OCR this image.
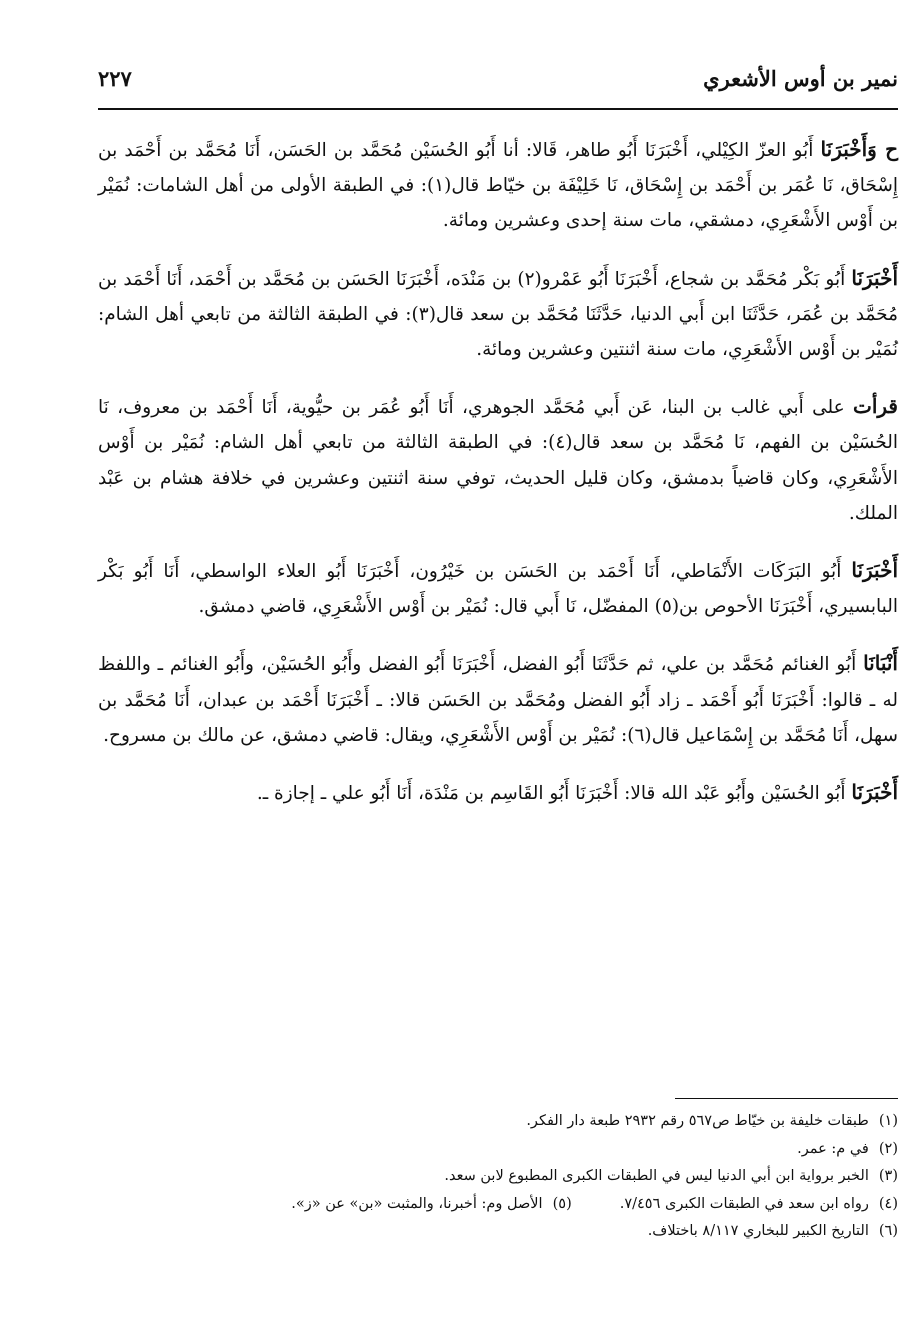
نمير بن أوس الأشعري
٢٢٧

ح وَأَخْبَرَنَا أَبُو العزّ الكِيْلي، أَخْبَرَنَا أَبُو طاهر، قَالا: أنا أَبُو الحُسَيْن مُحَمَّد بن الحَسَن، أَنَا مُحَمَّد بن أَحْمَد بن إِسْحَاق، نَا عُمَر بن أَحْمَد بن إِسْحَاق، نَا خَلِيْفَة بن خيّاط قال(١): في الطبقة الأولى من أهل الشامات: نُمَيْر بن أَوْس الأَشْعَرِي، دمشقي، مات سنة إحدى وعشرين ومائة.

أَخْبَرَنَا أَبُو بَكْر مُحَمَّد بن شجاع، أَخْبَرَنَا أَبُو عَمْرو(٢) بن مَنْدَه، أَخْبَرَنَا الحَسَن بن مُحَمَّد بن أَحْمَد، أَنَا أَحْمَد بن مُحَمَّد بن عُمَر، حَدَّثَنَا ابن أَبي الدنيا، حَدَّثَنَا مُحَمَّد بن سعد قال(٣): في الطبقة الثالثة من تابعي أهل الشام: نُمَيْر بن أَوْس الأَشْعَرِي، مات سنة اثنتين وعشرين ومائة.

قرأت على أَبي غالب بن البنا، عَن أَبي مُحَمَّد الجوهري، أَنَا أَبُو عُمَر بن حيُّوية، أَنَا أَحْمَد بن معروف، نَا الحُسَيْن بن الفهم، نَا مُحَمَّد بن سعد قال(٤): في الطبقة الثالثة من تابعي أهل الشام: نُمَيْر بن أَوْس الأَشْعَرِي، وكان قاضياً بدمشق، وكان قليل الحديث، توفي سنة اثنتين وعشرين في خلافة هشام بن عَبْد الملك.

أَخْبَرَنَا أَبُو البَرَكَات الأَنْمَاطي، أَنَا أَحْمَد بن الحَسَن بن خَيْرُون، أَخْبَرَنَا أَبُو العلاء الواسطي، أَنَا أَبُو بَكْر البابسيري، أَخْبَرَنَا الأحوص بن(٥) المفضّل، نَا أَبي قال: نُمَيْر بن أَوْس الأَشْعَرِي، قاضي دمشق.

أَنْبَانَا أَبُو الغنائم مُحَمَّد بن علي، ثم حَدَّثَنَا أَبُو الفضل، أَخْبَرَنَا أَبُو الفضل وأَبُو الحُسَيْن، وأَبُو الغنائم ـ واللفظ له ـ قالوا: أَخْبَرَنَا أَبُو أَحْمَد ـ زاد أَبُو الفضل ومُحَمَّد بن الحَسَن قالا: ـ أَخْبَرَنَا أَحْمَد بن عبدان، أَنَا مُحَمَّد بن سهل، أَنَا مُحَمَّد بن إِسْمَاعيل قال(٦): نُمَيْر بن أَوْس الأَشْعَرِي، ويقال: قاضي دمشق، عن مالك بن مسروح.

أَخْبَرَنَا أَبُو الحُسَيْن وأَبُو عَبْد الله قالا: أَخْبَرَنَا أَبُو القَاسِم بن مَنْدَة، أَنَا أَبُو علي ـ إجازة ـ.

(١)طبقات خليفة بن خيّاط ص٥٦٧ رقم ٢٩٣٢ طبعة دار الفكر.
(٢)في م: عمر.
(٣)الخبر برواية ابن أبي الدنيا ليس في الطبقات الكبرى المطبوع لابن سعد.
(٤)رواه ابن سعد في الطبقات الكبرى ٧/٤٥٦.(٥)الأصل وم: أخبرنا، والمثبت «بن» عن «ز».
(٦)التاريخ الكبير للبخاري ٨/١١٧ باختلاف.
